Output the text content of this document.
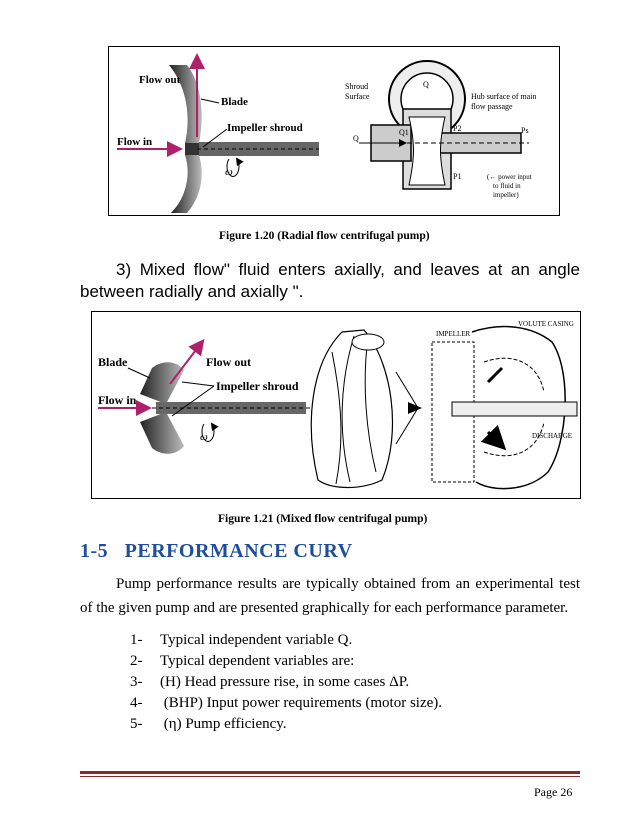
Flow out
Blade
Impeller shroud
Flow in
ω
Shroud
Surface	Hub surface of main
flow passage
Q
Q
Q1	P2	Ps
P1	(← power input
to fluid in
impeller)
Figure 1.20 (Radial flow centrifugal pump)
3) Mixed flow" fluid enters axially, and leaves at an angle between radially and axially ".
Blade	Flow out
Impeller shroud
Flow in
ω
IMPELLER
VOLUTE CASING
DISCHARGE
Figure 1.21 (Mixed flow centrifugal pump)
1-5 PERFORMANCE CURV
Pump performance results are typically obtained from an experimental test of the given pump and are presented graphically for each performance parameter.
1- Typical independent variable Q.
2- Typical dependent variables are:
3- (H) Head pressure rise, in some cases ΔP.
4- (BHP) Input power requirements (motor size).
5- (η) Pump efficiency.
Page 26
